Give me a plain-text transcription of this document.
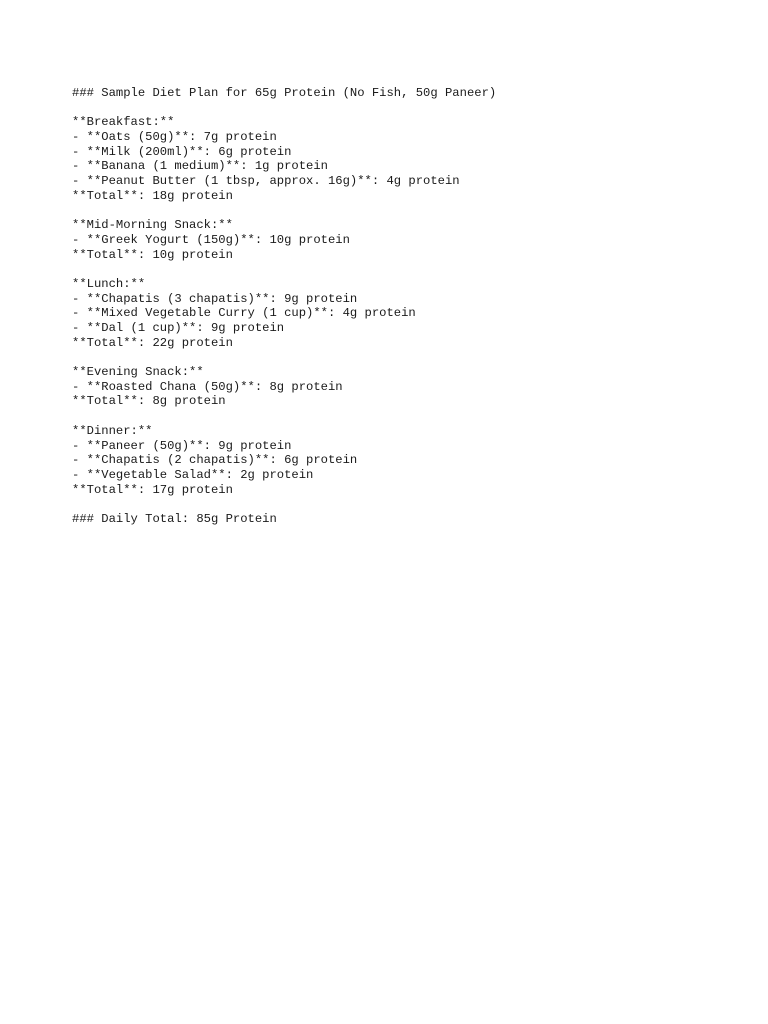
### Sample Diet Plan for 65g Protein (No Fish, 50g Paneer)
**Breakfast:**
- **Oats (50g)**: 7g protein
- **Milk (200ml)**: 6g protein
- **Banana (1 medium)**: 1g protein
- **Peanut Butter (1 tbsp, approx. 16g)**: 4g protein
**Total**: 18g protein
**Mid-Morning Snack:**
- **Greek Yogurt (150g)**: 10g protein
**Total**: 10g protein
**Lunch:**
- **Chapatis (3 chapatis)**: 9g protein
- **Mixed Vegetable Curry (1 cup)**: 4g protein
- **Dal (1 cup)**: 9g protein
**Total**: 22g protein
**Evening Snack:**
- **Roasted Chana (50g)**: 8g protein
**Total**: 8g protein
**Dinner:**
- **Paneer (50g)**: 9g protein
- **Chapatis (2 chapatis)**: 6g protein
- **Vegetable Salad**: 2g protein
**Total**: 17g protein
### Daily Total: 85g Protein
